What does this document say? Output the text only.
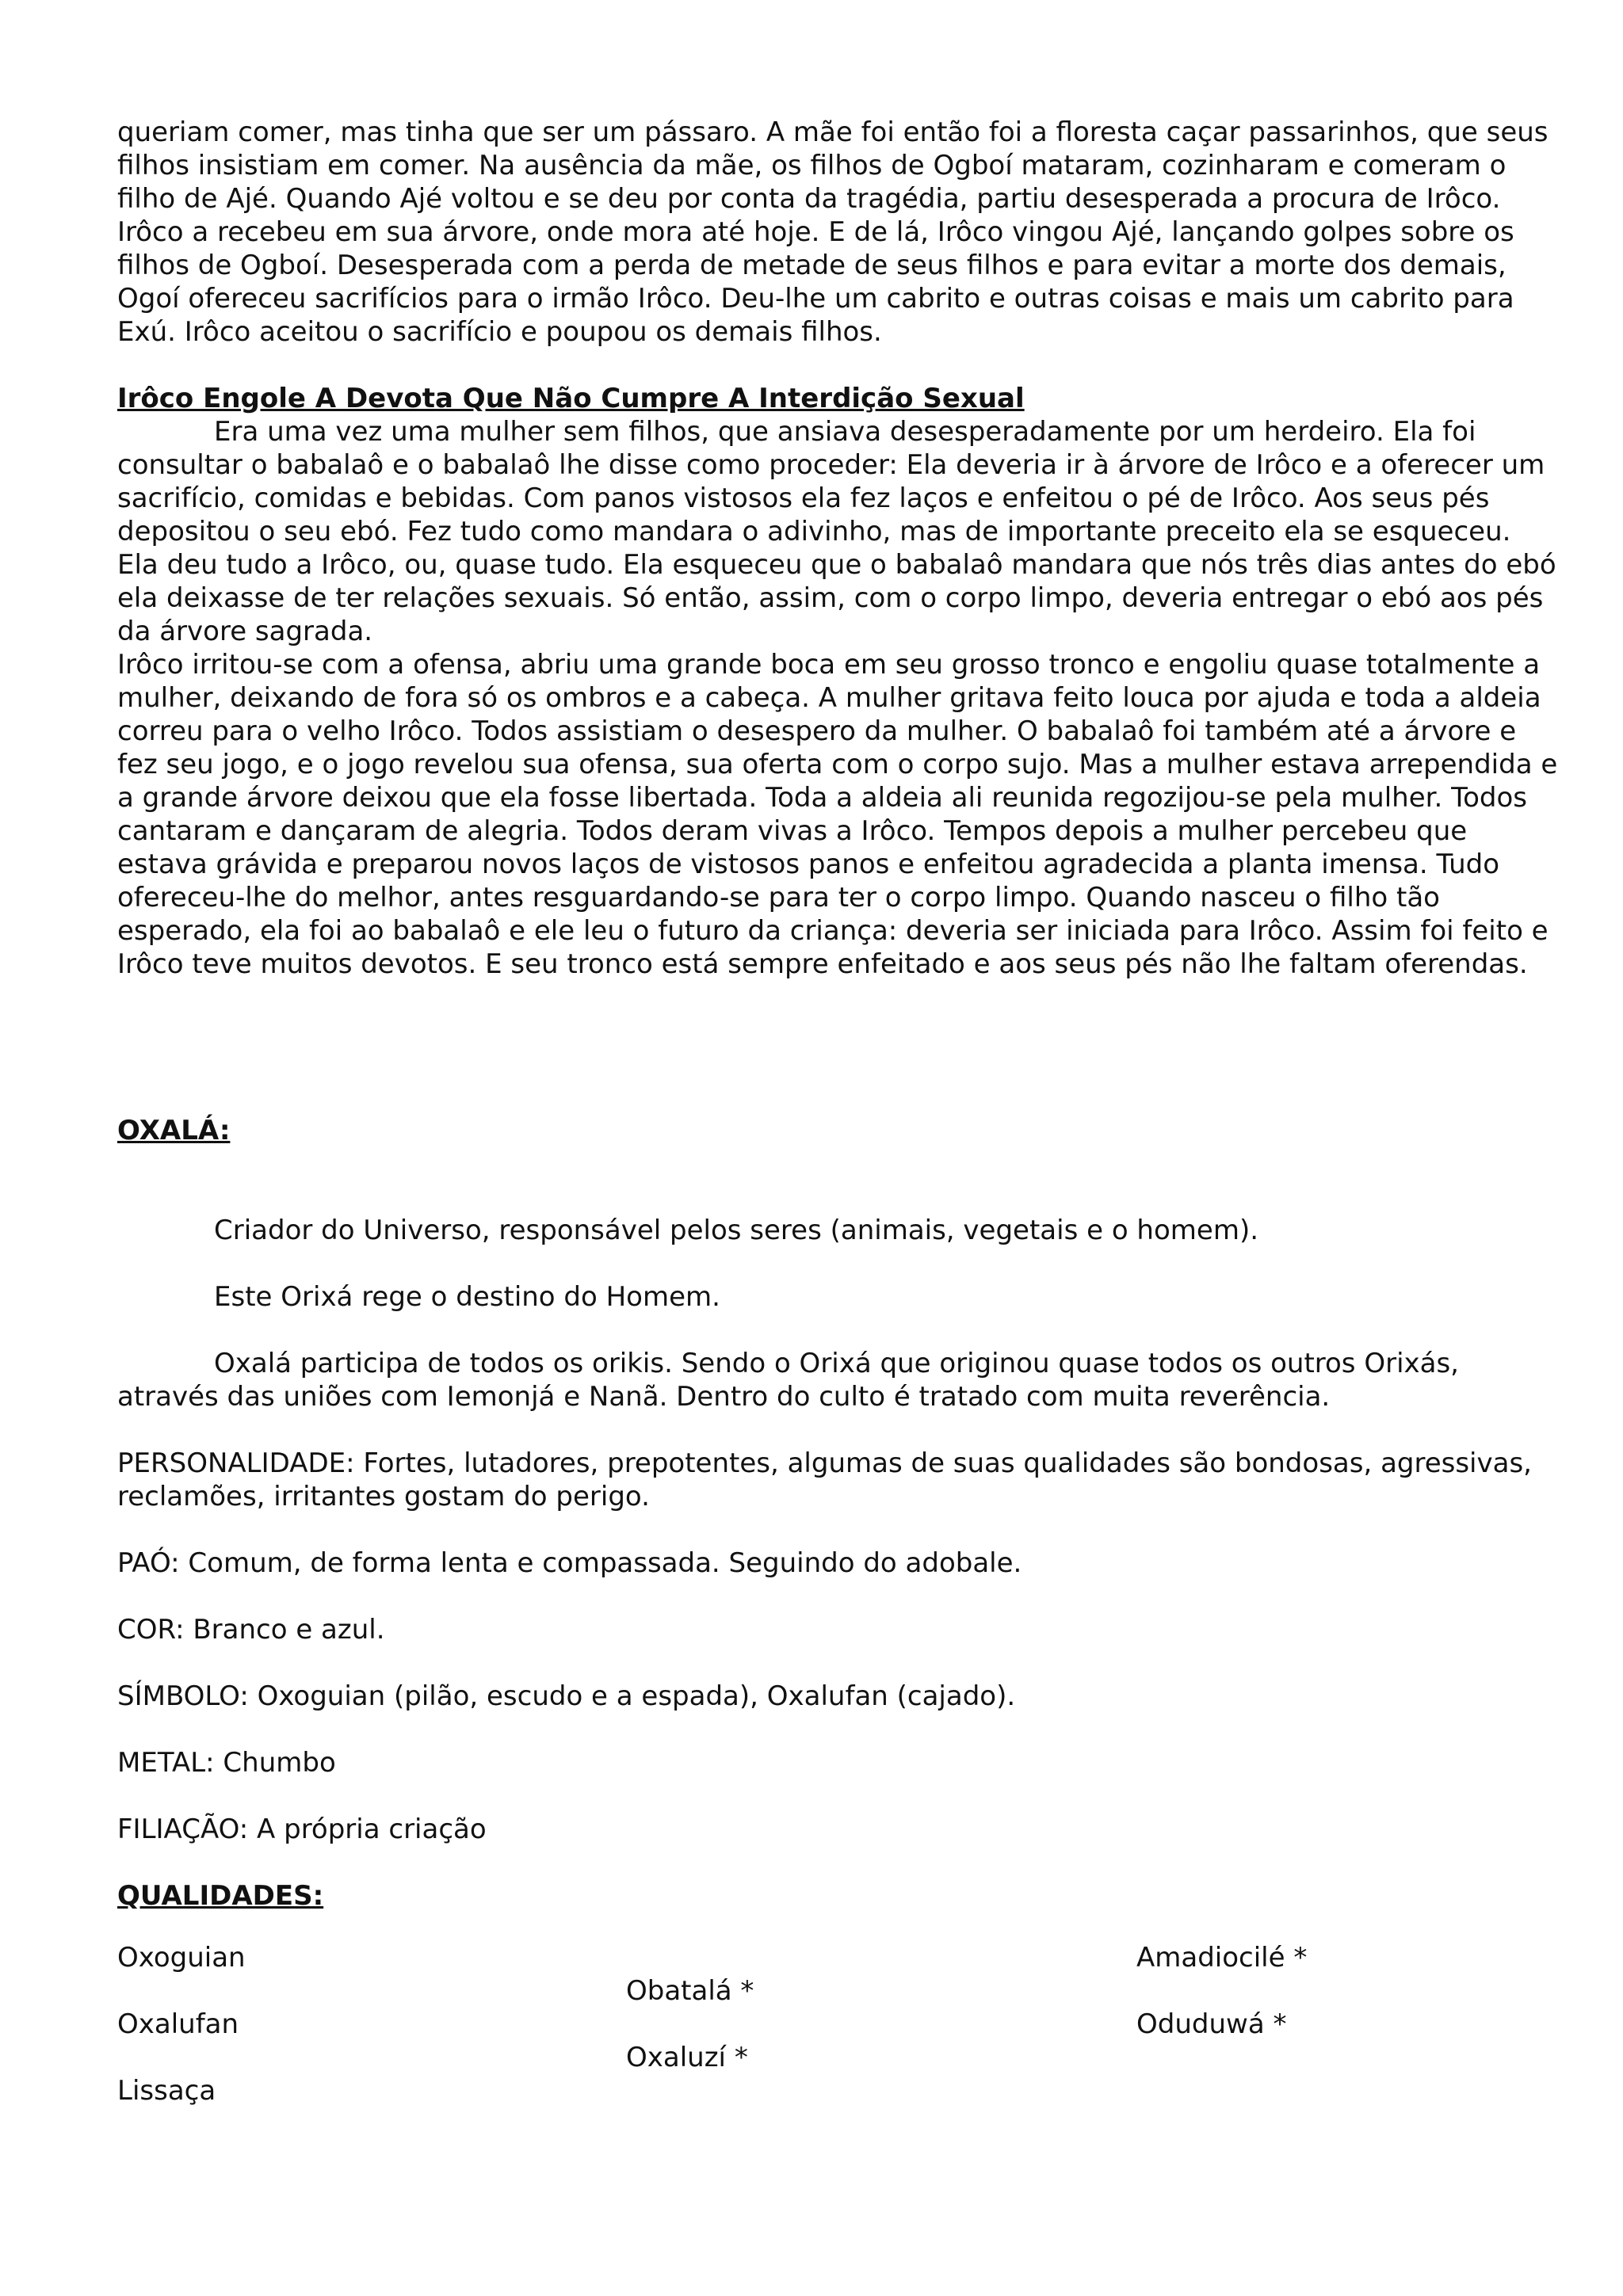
queriam comer, mas tinha que ser um pássaro. A mãe foi então foi a floresta caçar passarinhos, que seus filhos insistiam em comer. Na ausência da mãe, os filhos de Ogboí mataram, cozinharam e comeram o filho de Ajé. Quando Ajé voltou e se deu por conta da tragédia, partiu desesperada a procura de Irôco. Irôco a recebeu em sua árvore, onde mora até hoje. E de lá, Irôco vingou Ajé, lançando golpes sobre os filhos de Ogboí. Desesperada com a perda de metade de seus filhos e para evitar a morte dos demais, Ogoí ofereceu sacrifícios para o irmão Irôco. Deu-lhe um cabrito e outras coisas e mais um cabrito para Exú. Irôco aceitou o sacrifício e poupou os demais filhos.

Irôco Engole A Devota Que Não Cumpre A Interdição Sexual

Era uma vez uma mulher sem filhos, que ansiava desesperadamente por um herdeiro. Ela foi consultar o babalaô e o babalaô lhe disse como proceder: Ela deveria ir à árvore de Irôco e a oferecer um sacrifício, comidas e bebidas. Com panos vistosos ela fez laços e enfeitou o pé de Irôco. Aos seus pés depositou o seu ebó. Fez tudo como mandara o adivinho, mas de importante preceito ela se esqueceu. Ela deu tudo a Irôco, ou, quase tudo. Ela esqueceu que o babalaô mandara que nós três dias antes do ebó ela deixasse de ter relações sexuais. Só então, assim, com o corpo limpo, deveria entregar o ebó aos pés da árvore sagrada.

Irôco irritou-se com a ofensa, abriu uma grande boca em seu grosso tronco e engoliu quase totalmente a mulher, deixando de fora só os ombros e a cabeça. A mulher gritava feito louca por ajuda e toda a aldeia correu para o velho Irôco. Todos assistiam o desespero da mulher. O babalaô foi também até a árvore e fez seu jogo, e o jogo revelou sua ofensa, sua oferta com o corpo sujo. Mas a mulher estava arrependida e a grande árvore deixou que ela fosse libertada. Toda a aldeia ali reunida regozijou-se pela mulher. Todos cantaram e dançaram de alegria. Todos deram vivas a Irôco. Tempos depois a mulher percebeu que estava grávida e preparou novos laços de vistosos panos e enfeitou agradecida a planta imensa. Tudo ofereceu-lhe do melhor, antes resguardando-se para ter o corpo limpo. Quando nasceu o filho tão esperado, ela foi ao babalaô e ele leu o futuro da criança: deveria ser iniciada para Irôco. Assim foi feito e Irôco teve muitos devotos. E seu tronco está sempre enfeitado e aos seus pés não lhe faltam oferendas.

OXALÁ:

Criador do Universo, responsável pelos seres (animais, vegetais e o homem).

Este Orixá rege o destino do Homem.

Oxalá participa de todos os orikis. Sendo o Orixá que originou quase todos os outros Orixás, através das uniões com Iemonjá e Nanã. Dentro do culto é tratado com muita reverência.

PERSONALIDADE: Fortes, lutadores, prepotentes, algumas de suas qualidades são bondosas, agressivas, reclamões, irritantes gostam do perigo.

PAÓ: Comum, de forma lenta e compassada. Seguindo do adobale.

COR: Branco e azul.

SÍMBOLO: Oxoguian (pilão, escudo e a espada), Oxalufan (cajado).

METAL: Chumbo

FILIAÇÃO: A própria criação

QUALIDADES:

Oxoguian
Oxalufan
Lissaça
Obatalá *
Oxaluzí *
Amadiocilé *
Oduduwá *
